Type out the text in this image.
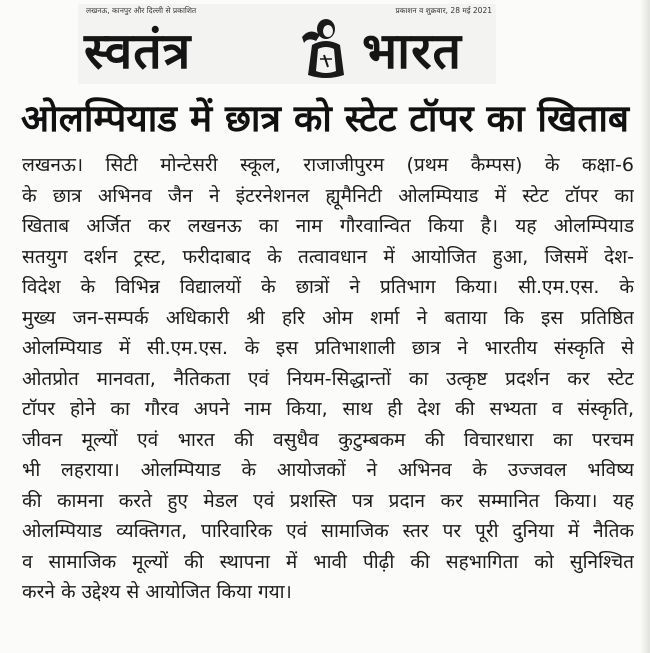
लखनऊ, कानपुर और दिल्ली से प्रकाशित	प्रकाशन व शुक्रवार, 28 मई 2021
स्वतंत्र	भारत
ओलम्पियाड में छात्र को स्टेट टॉपर का खिताब
लखनऊ। सिटी मोन्टेसरी स्कूल, राजाजीपुरम (प्रथम कैम्पस) के कक्षा-6
के छात्र अभिनव जैन ने इंटरनेशनल ह्यूमैनिटी ओलम्पियाड में स्टेट टॉपर का
खिताब अर्जित कर लखनऊ का नाम गौरवान्वित किया है। यह ओलम्पियाड
सतयुग दर्शन ट्रस्ट, फरीदाबाद के तत्वावधान में आयोजित हुआ, जिसमें देश-
विदेश के विभिन्न विद्यालयों के छात्रों ने प्रतिभाग किया। सी.एम.एस. के
मुख्य जन-सम्पर्क अधिकारी श्री हरि ओम शर्मा ने बताया कि इस प्रतिष्ठित
ओलम्पियाड में सी.एम.एस. के इस प्रतिभाशाली छात्र ने भारतीय संस्कृति से
ओतप्रोत मानवता, नैतिकता एवं नियम-सिद्धान्तों का उत्कृष्ट प्रदर्शन कर स्टेट
टॉपर होने का गौरव अपने नाम किया, साथ ही देश की सभ्यता व संस्कृति,
जीवन मूल्यों एवं भारत की वसुधैव कुटुम्बकम की विचारधारा का परचम
भी लहराया। ओलम्पियाड के आयोजकों ने अभिनव के उज्जवल भविष्य
की कामना करते हुए मेडल एवं प्रशस्ति पत्र प्रदान कर सम्मानित किया। यह
ओलम्पियाड व्यक्तिगत, पारिवारिक एवं सामाजिक स्तर पर पूरी दुनिया में नैतिक
व सामाजिक मूल्यों की स्थापना में भावी पीढ़ी की सहभागिता को सुनिश्चित
करने के उद्देश्य से आयोजित किया गया।
